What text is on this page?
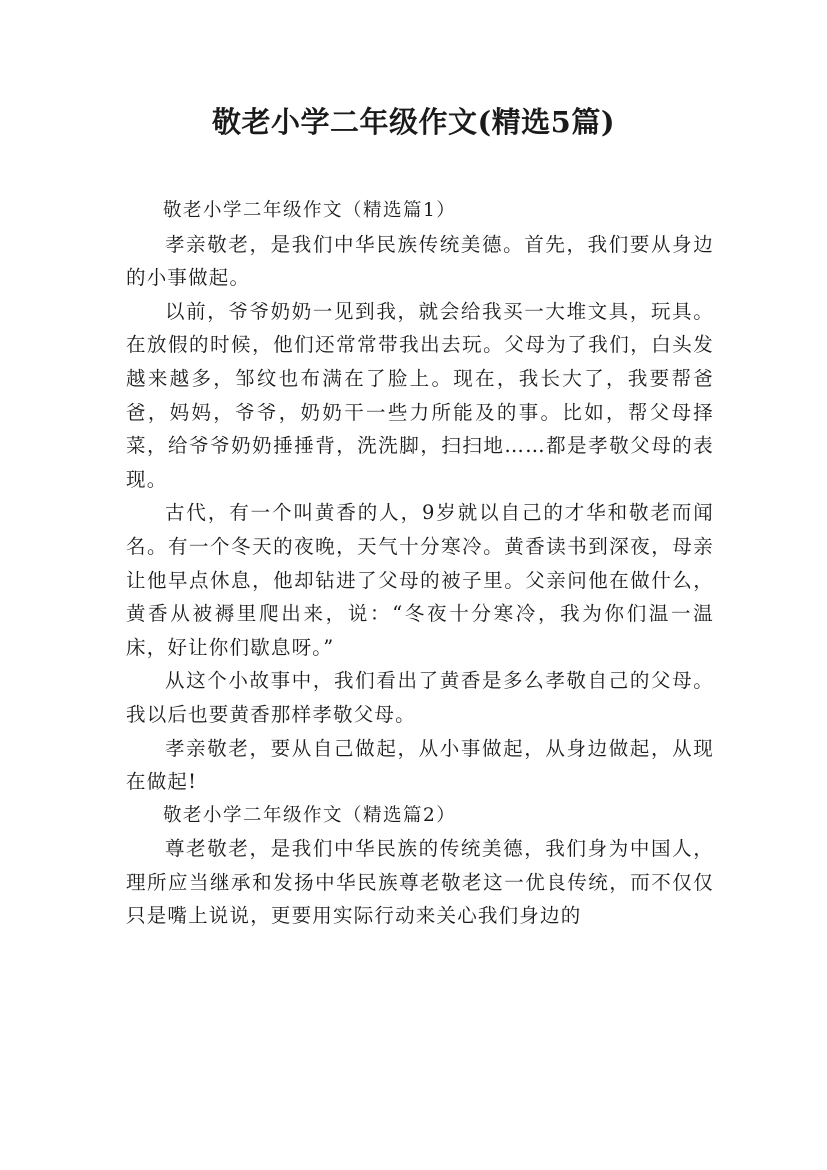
敬老小学二年级作文(精选5篇)

敬老小学二年级作文（精选篇1）

孝亲敬老，是我们中华民族传统美德。首先，我们要从身边的小事做起。

以前，爷爷奶奶一见到我，就会给我买一大堆文具，玩具。在放假的时候，他们还常常带我出去玩。父母为了我们，白头发越来越多，邹纹也布满在了脸上。现在，我长大了，我要帮爸爸，妈妈，爷爷，奶奶干一些力所能及的事。比如，帮父母择菜，给爷爷奶奶捶捶背，洗洗脚，扫扫地……都是孝敬父母的表现。

古代，有一个叫黄香的人，9岁就以自己的才华和敬老而闻名。有一个冬天的夜晚，天气十分寒冷。黄香读书到深夜，母亲让他早点休息，他却钻进了父母的被子里。父亲问他在做什么，黄香从被褥里爬出来，说：“冬夜十分寒冷，我为你们温一温床，好让你们歇息呀。”

从这个小故事中，我们看出了黄香是多么孝敬自己的父母。我以后也要黄香那样孝敬父母。

孝亲敬老，要从自己做起，从小事做起，从身边做起，从现在做起!

敬老小学二年级作文（精选篇2）

尊老敬老，是我们中华民族的传统美德，我们身为中国人，理所应当继承和发扬中华民族尊老敬老这一优良传统，而不仅仅只是嘴上说说，更要用实际行动来关心我们身边的
